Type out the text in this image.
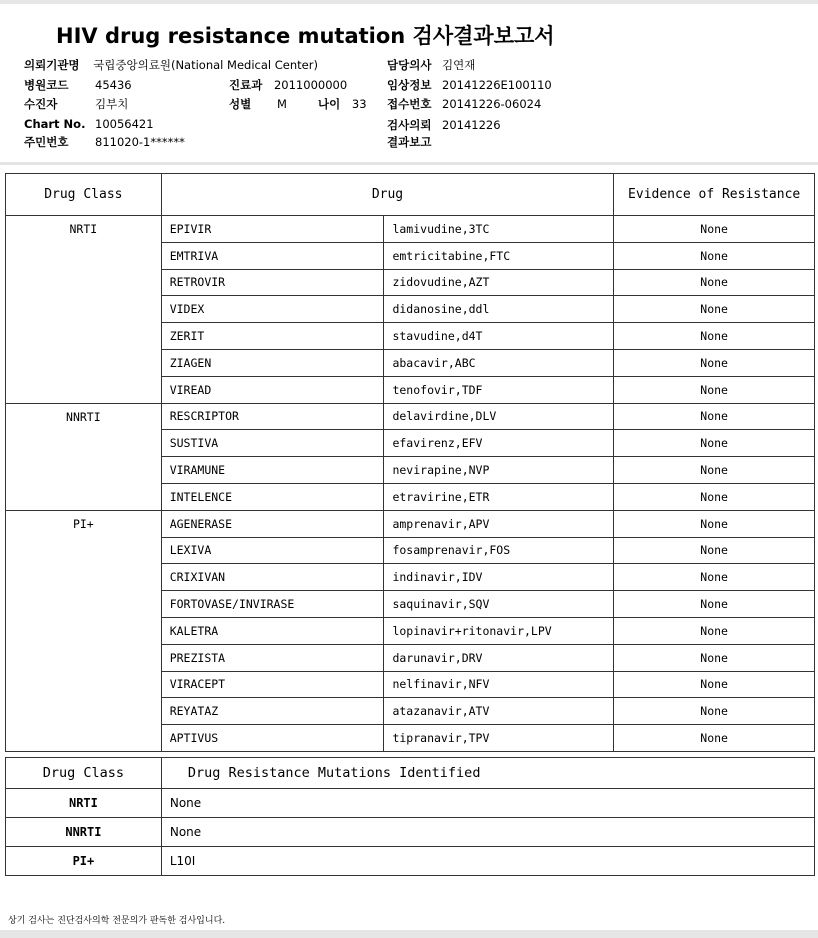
HIV drug resistance mutation 검사결과보고서
의뢰기관명 국립중앙의료원(National Medical Center)
병원코드 45436
수진자	김부치
Chart No. 10056421
주민번호 811020-1******
진료과 2011000000
성별 M	나이 33
담당의사 김연재
임상정보 20141226E100110
접수번호 20141226-06024
검사의뢰 20141226
결과보고
Drug Class	Drug		Evidence of Resistance
NRTI	EPIVIR	lamivudine,3TC	None
	EMTRIVA	emtricitabine,FTC	None
	RETROVIR	zidovudine,AZT	None
	VIDEX	didanosine,ddl	None
	ZERIT	stavudine,d4T	None
	ZIAGEN	abacavir,ABC	None
	VIREAD	tenofovir,TDF	None
NNRTI	RESCRIPTOR	delavirdine,DLV	None
	SUSTIVA	efavirenz,EFV	None
	VIRAMUNE	nevirapine,NVP	None
	INTELENCE	etravirine,ETR	None
PI+	AGENERASE	amprenavir,APV	None
	LEXIVA	fosamprenavir,FOS	None
	CRIXIVAN	indinavir,IDV	None
	FORTOVASE/INVIRASE	saquinavir,SQV	None
	KALETRA	lopinavir+ritonavir,LPV	None
	PREZISTA	darunavir,DRV	None
	VIRACEPT	nelfinavir,NFV	None
	REYATAZ	atazanavir,ATV	None
	APTIVUS	tipranavir,TPV	None
Drug Class	Drug Resistance Mutations Identified
NRTI	None
NNRTI	None
PI+	L10I
상기 검사는 진단검사의학 전문의가 판독한 검사입니다.
